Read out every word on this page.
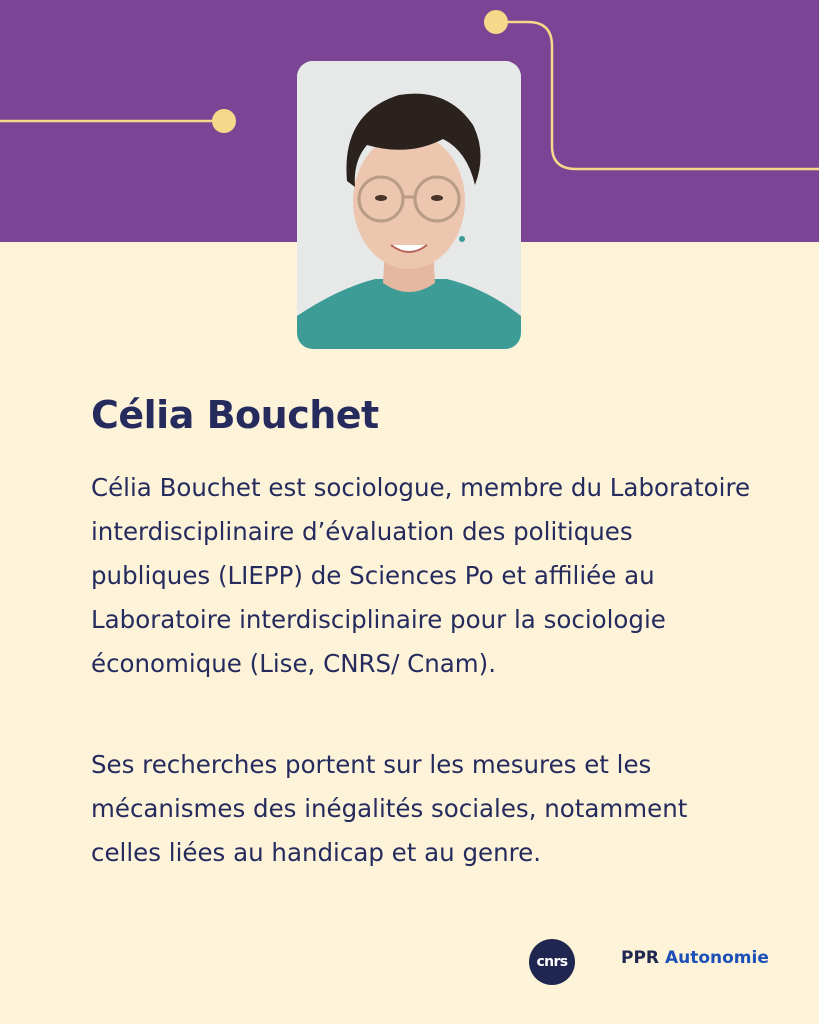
Célia Bouchet

Célia Bouchet est sociologue, membre du Laboratoire interdisciplinaire d’évaluation des politiques publiques (LIEPP) de Sciences Po et affiliée au Laboratoire interdisciplinaire pour la sociologie économique (Lise, CNRS/ Cnam).

Ses recherches portent sur les mesures et les mécanismes des inégalités sociales, notamment celles liées au handicap et au genre.

cnrs	PPR Autonomie
